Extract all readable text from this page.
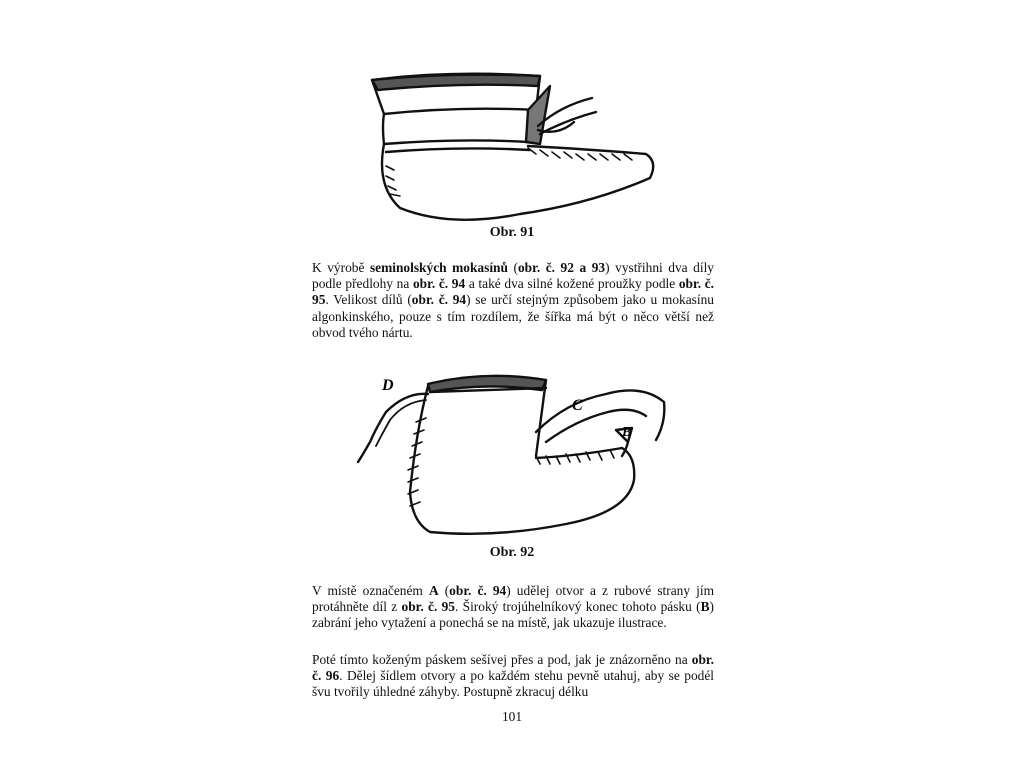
Obr. 91

K výrobě seminolských mokasínů (obr. č. 92 a 93) vystřihni dva díly podle předlohy na obr. č. 94 a také dva silné kožené proužky podle obr. č. 95. Velikost dílů (obr. č. 94) se určí stejným způsobem jako u mokasínu algonkinského, pouze s tím rozdílem, že šířka má být o něco větší než obvod tvého nártu.

D
C
B

Obr. 92

V místě označeném A (obr. č. 94) udělej otvor a z rubové strany jím protáhněte díl z obr. č. 95. Široký trojúhelníkový konec tohoto pásku (B) zabrání jeho vytažení a ponechá se na místě, jak ukazuje ilustrace.

Poté tímto koženým páskem sešívej přes a pod, jak je znázorněno na obr. č. 96. Dělej šídlem otvory a po každém stehu pevně utahuj, aby se podél švu tvořily úhledné záhyby. Postupně zkracuj délku

101
